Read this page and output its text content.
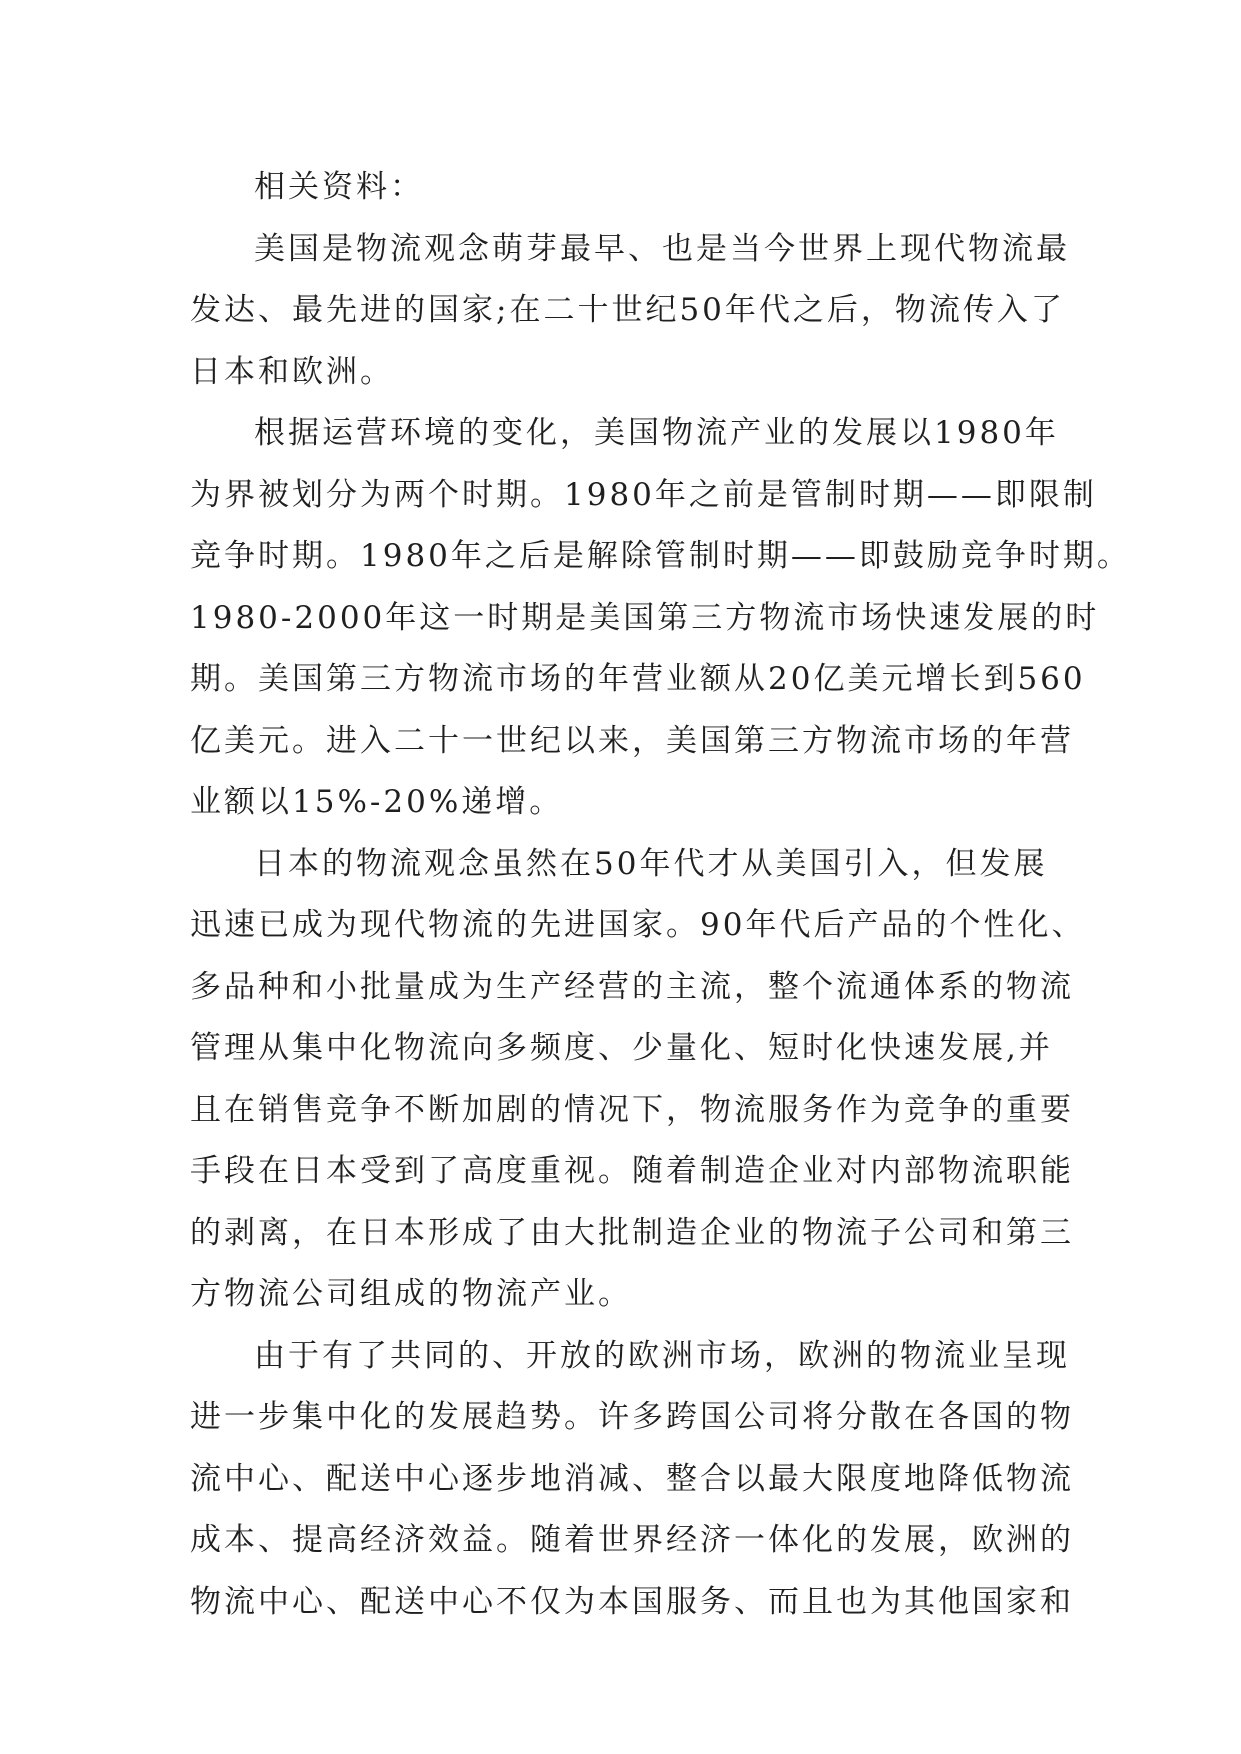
相关资料：
美国是物流观念萌芽最早、也是当今世界上现代物流最
发达、最先进的国家;在二十世纪50年代之后，物流传入了
日本和欧洲。
根据运营环境的变化，美国物流产业的发展以1980年
为界被划分为两个时期。1980年之前是管制时期——即限制
竞争时期。1980年之后是解除管制时期——即鼓励竞争时期。
1980-2000年这一时期是美国第三方物流市场快速发展的时
期。美国第三方物流市场的年营业额从20亿美元增长到560
亿美元。进入二十一世纪以来，美国第三方物流市场的年营
业额以15%-20%递增。
日本的物流观念虽然在50年代才从美国引入，但发展
迅速已成为现代物流的先进国家。90年代后产品的个性化、
多品种和小批量成为生产经营的主流，整个流通体系的物流
管理从集中化物流向多频度、少量化、短时化快速发展,并
且在销售竞争不断加剧的情况下，物流服务作为竞争的重要
手段在日本受到了高度重视。随着制造企业对内部物流职能
的剥离，在日本形成了由大批制造企业的物流子公司和第三
方物流公司组成的物流产业。
由于有了共同的、开放的欧洲市场，欧洲的物流业呈现
进一步集中化的发展趋势。许多跨国公司将分散在各国的物
流中心、配送中心逐步地消减、整合以最大限度地降低物流
成本、提高经济效益。随着世界经济一体化的发展，欧洲的
物流中心、配送中心不仅为本国服务、而且也为其他国家和
